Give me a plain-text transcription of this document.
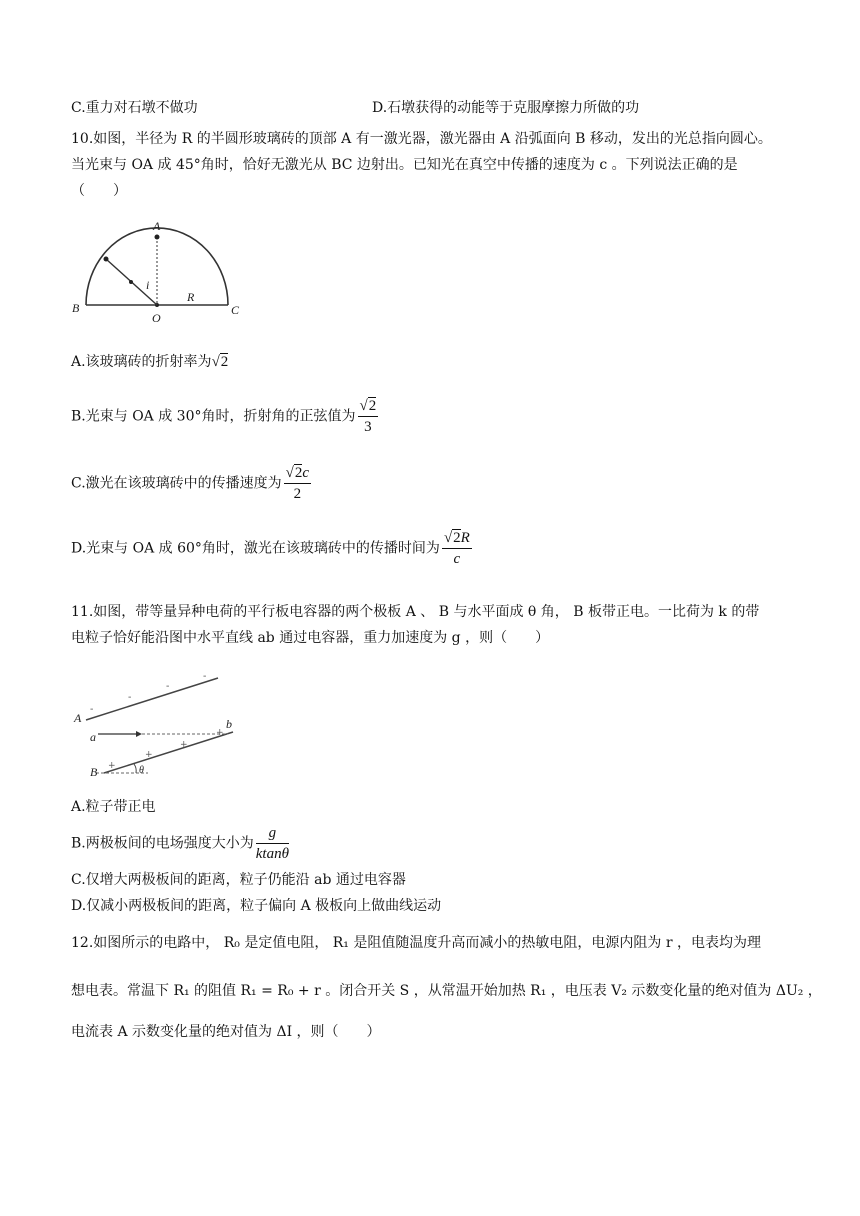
C.重力对石墩不做功	D.石墩获得的动能等于克服摩擦力所做的功
10.如图，半径为 R 的半圆形玻璃砖的顶部 A 有一激光器，激光器由 A 沿弧面向 B 移动，发出的光总指向圆心。
当光束与 OA 成 45°角时，恰好无激光从 BC 边射出。已知光在真空中传播的速度为 c 。下列说法正确的是
（　　）
A
B	C
O
R
i
A.该玻璃砖的折射率为√2
B.光束与 OA 成 30°角时，折射角的正弦值为 $\frac{√2}{3}$
C.激光在该玻璃砖中的传播速度为 $\frac{√2c}{2}$
D.光束与 OA 成 60°角时，激光在该玻璃砖中的传播时间为 $\frac{√2R}{c}$
11.如图，带等量异种电荷的平行板电容器的两个极板 A 、 B 与水平面成 θ 角， B 板带正电。一比荷为 k 的带
电粒子恰好能沿图中水平直线 ab 通过电容器，重力加速度为 g ，则（　　）
-
-
-
-
+
+
+
+
A
B
a
b
θ
A.粒子带正电
B.两极板间的电场强度大小为 $\frac{g}{ktan\theta}$
C.仅增大两极板间的距离，粒子仍能沿 ab 通过电容器
D.仅减小两极板间的距离，粒子偏向 A 极板向上做曲线运动
12.如图所示的电路中， R₀ 是定值电阻， R₁ 是阻值随温度升高而减小的热敏电阻，电源内阻为 r ，电表均为理
想电表。常温下 R₁ 的阻值 R₁ = R₀ + r 。闭合开关 S ，从常温开始加热 R₁ ，电压表 V₂ 示数变化量的绝对值为 ΔU₂ ，
电流表 A 示数变化量的绝对值为 ΔI ，则（　　）
